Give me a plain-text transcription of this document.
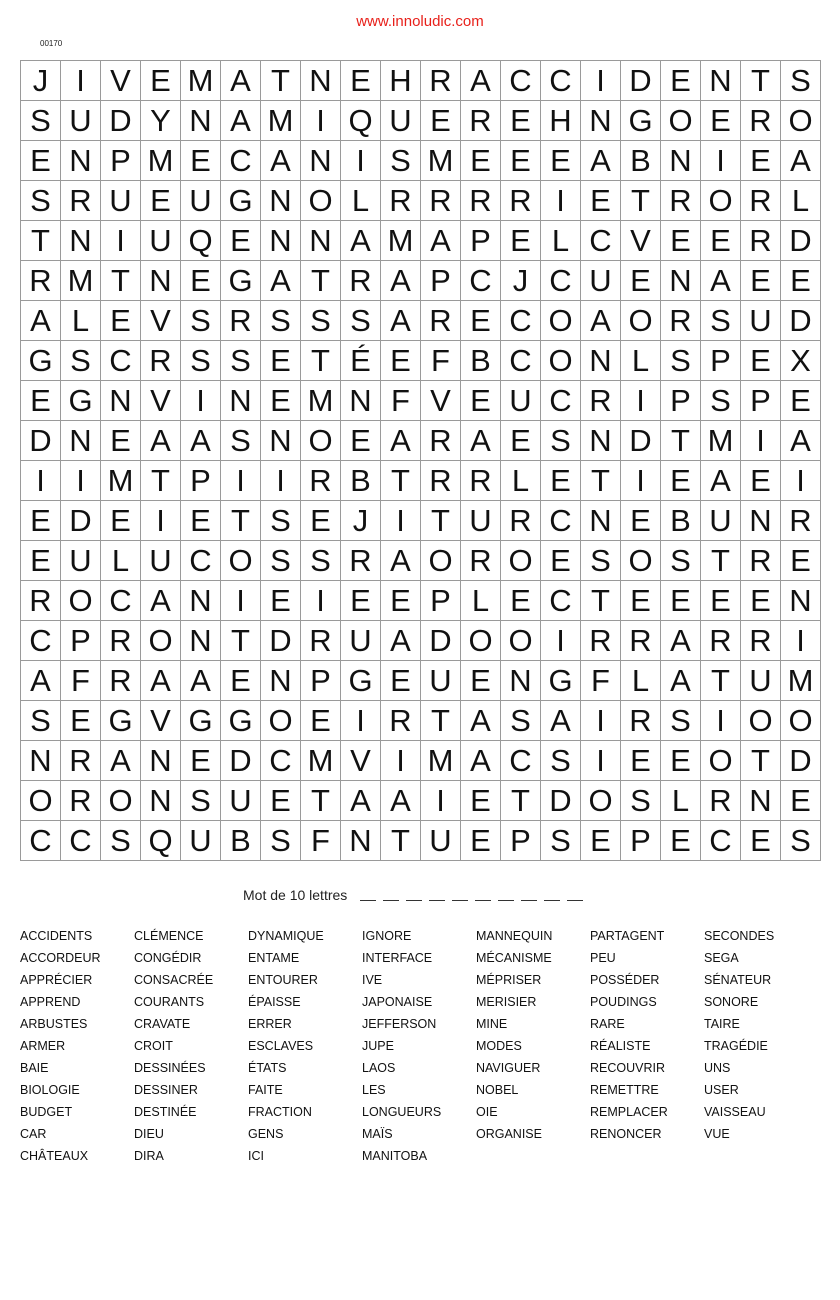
www.innoludic.com
00170
J	I	V	E	M	A	T	N	E	H	R	A	C	C	I	D	E	N	T	S
S	U	D	Y	N	A	M	I	Q	U	E	R	E	H	N	G	O	E	R	O
E	N	P	M	E	C	A	N	I	S	M	E	E	E	A	B	N	I	E	A
S	R	U	E	U	G	N	O	L	R	R	R	R	I	E	T	R	O	R	L
T	N	I	U	Q	E	N	N	A	M	A	P	E	L	C	V	E	E	R	D
R	M	T	N	E	G	A	T	R	A	P	C	J	C	U	E	N	A	E	E
A	L	E	V	S	R	S	S	S	A	R	E	C	O	A	O	R	S	U	D
G	S	C	R	S	S	E	T	É	E	F	B	C	O	N	L	S	P	E	X
E	G	N	V	I	N	E	M	N	F	V	E	U	C	R	I	P	S	P	E
D	N	E	A	A	S	N	O	E	A	R	A	E	S	N	D	T	M	I	A
I	I	M	T	P	I	I	R	B	T	R	R	L	E	T	I	E	A	E	I
E	D	E	I	E	T	S	E	J	I	T	U	R	C	N	E	B	U	N	R
E	U	L	U	C	O	S	S	R	A	O	R	O	E	S	O	S	T	R	E
R	O	C	A	N	I	E	I	E	E	P	L	E	C	T	E	E	E	E	N
C	P	R	O	N	T	D	R	U	A	D	O	O	I	R	R	A	R	R	I
A	F	R	A	A	E	N	P	G	E	U	E	N	G	F	L	A	T	U	M
S	E	G	V	G	G	O	E	I	R	T	A	S	A	I	R	S	I	O	O
N	R	A	N	E	D	C	M	V	I	M	A	C	S	I	E	E	O	T	D
O	R	O	N	S	U	E	T	A	A	I	E	T	D	O	S	L	R	N	E
C	C	S	Q	U	B	S	F	N	T	U	E	P	S	E	P	E	C	E	S
Mot de 10 lettres
ACCIDENTS
ACCORDEUR
APPRÉCIER
APPREND
ARBUSTES
ARMER
BAIE
BIOLOGIE
BUDGET
CAR
CHÂTEAUX
CLÉMENCE
CONGÉDIR
CONSACRÉE
COURANTS
CRAVATE
CROIT
DESSINÉES
DESSINER
DESTINÉE
DIEU
DIRA
DYNAMIQUE
ENTAME
ENTOURER
ÉPAISSE
ERRER
ESCLAVES
ÉTATS
FAITE
FRACTION
GENS
ICI
IGNORE
INTERFACE
IVE
JAPONAISE
JEFFERSON
JUPE
LAOS
LES
LONGUEURS
MAÏS
MANITOBA
MANNEQUIN
MÉCANISME
MÉPRISER
MERISIER
MINE
MODES
NAVIGUER
NOBEL
OIE
ORGANISE
PARTAGENT
PEU
POSSÉDER
POUDINGS
RARE
RÉALISTE
RECOUVRIR
REMETTRE
REMPLACER
RENONCER
SECONDES
SEGA
SÉNATEUR
SONORE
TAIRE
TRAGÉDIE
UNS
USER
VAISSEAU
VUE
